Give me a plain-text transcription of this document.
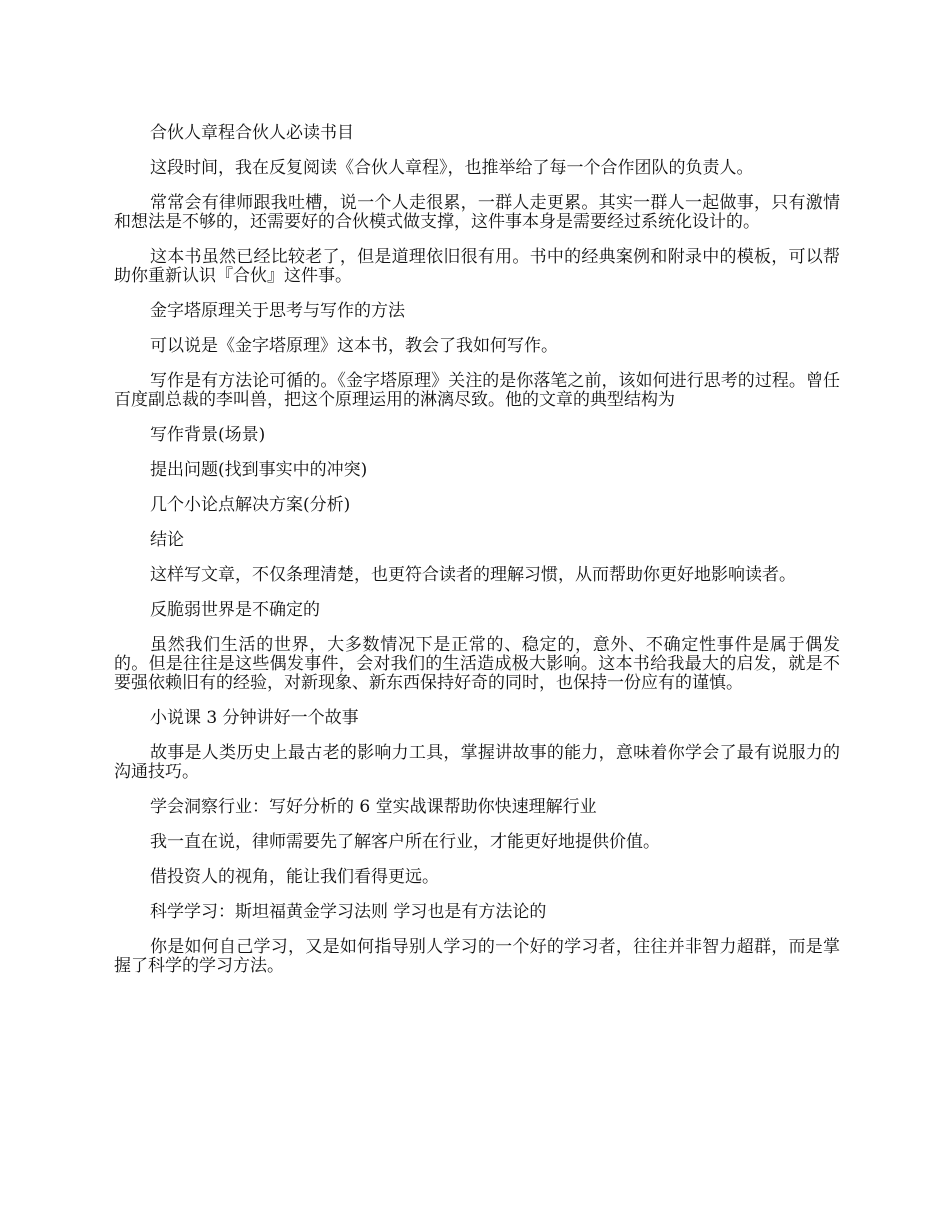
合伙人章程合伙人必读书目

这段时间，我在反复阅读《合伙人章程》，也推举给了每一个合作团队的负责人。

常常会有律师跟我吐槽，说一个人走很累，一群人走更累。其实一群人一起做事，只有激情和想法是不够的，还需要好的合伙模式做支撑，这件事本身是需要经过系统化设计的。

这本书虽然已经比较老了，但是道理依旧很有用。书中的经典案例和附录中的模板，可以帮助你重新认识『合伙』这件事。

金字塔原理关于思考与写作的方法

可以说是《金字塔原理》这本书，教会了我如何写作。

写作是有方法论可循的。《金字塔原理》关注的是你落笔之前，该如何进行思考的过程。曾任百度副总裁的李叫兽，把这个原理运用的淋漓尽致。他的文章的典型结构为

写作背景(场景)

提出问题(找到事实中的冲突)

几个小论点解决方案(分析)

结论

这样写文章，不仅条理清楚，也更符合读者的理解习惯，从而帮助你更好地影响读者。

反脆弱世界是不确定的

虽然我们生活的世界，大多数情况下是正常的、稳定的，意外、不确定性事件是属于偶发的。但是往往是这些偶发事件，会对我们的生活造成极大影响。这本书给我最大的启发，就是不要强依赖旧有的经验，对新现象、新东西保持好奇的同时，也保持一份应有的谨慎。

小说课 3 分钟讲好一个故事

故事是人类历史上最古老的影响力工具，掌握讲故事的能力，意味着你学会了最有说服力的沟通技巧。

学会洞察行业：写好分析的 6 堂实战课帮助你快速理解行业

我一直在说，律师需要先了解客户所在行业，才能更好地提供价值。

借投资人的视角，能让我们看得更远。

科学学习：斯坦福黄金学习法则 学习也是有方法论的

你是如何自己学习，又是如何指导别人学习的一个好的学习者，往往并非智力超群，而是掌握了科学的学习方法。
